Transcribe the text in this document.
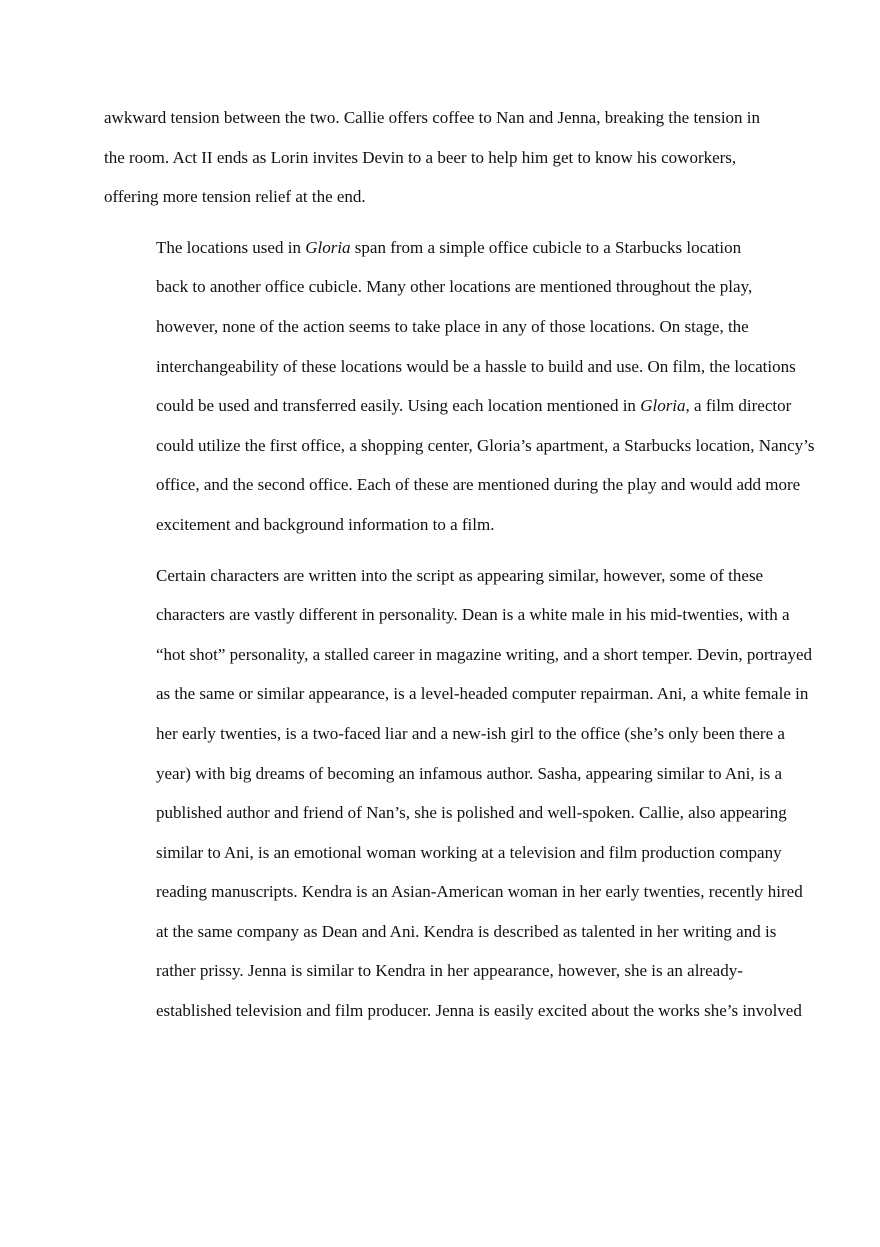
awkward tension between the two. Callie offers coffee to Nan and Jenna, breaking the tension in
the room. Act II ends as Lorin invites Devin to a beer to help him get to know his coworkers,
offering more tension relief at the end.

The locations used in Gloria span from a simple office cubicle to a Starbucks location
back to another office cubicle. Many other locations are mentioned throughout the play,
however, none of the action seems to take place in any of those locations. On stage, the
interchangeability of these locations would be a hassle to build and use. On film, the locations
could be used and transferred easily. Using each location mentioned in Gloria, a film director
could utilize the first office, a shopping center, Gloria’s apartment, a Starbucks location, Nancy’s
office, and the second office. Each of these are mentioned during the play and would add more
excitement and background information to a film.

Certain characters are written into the script as appearing similar, however, some of these
characters are vastly different in personality. Dean is a white male in his mid-twenties, with a
“hot shot” personality, a stalled career in magazine writing, and a short temper. Devin, portrayed
as the same or similar appearance, is a level-headed computer repairman. Ani, a white female in
her early twenties, is a two-faced liar and a new-ish girl to the office (she’s only been there a
year) with big dreams of becoming an infamous author. Sasha, appearing similar to Ani, is a
published author and friend of Nan’s, she is polished and well-spoken. Callie, also appearing
similar to Ani, is an emotional woman working at a television and film production company
reading manuscripts. Kendra is an Asian-American woman in her early twenties, recently hired
at the same company as Dean and Ani. Kendra is described as talented in her writing and is
rather prissy. Jenna is similar to Kendra in her appearance, however, she is an already-
established television and film producer. Jenna is easily excited about the works she’s involved
